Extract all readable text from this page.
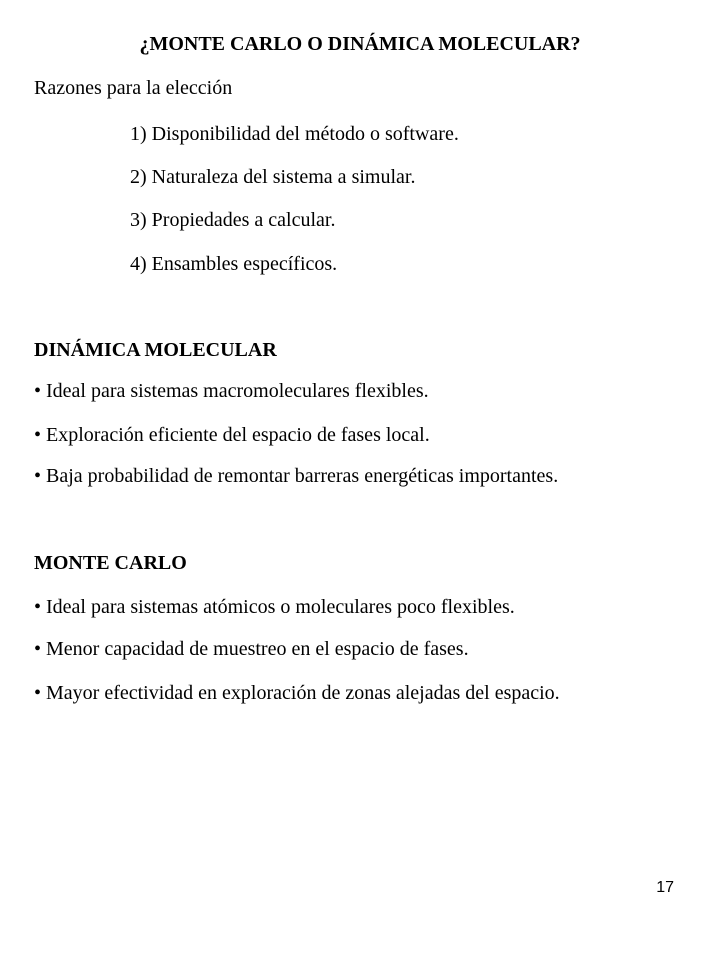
¿MONTE CARLO O DINÁMICA MOLECULAR?
Razones para la elección
1) Disponibilidad del método o software.
2) Naturaleza del sistema a simular.
3) Propiedades a calcular.
4) Ensambles específicos.
DINÁMICA MOLECULAR
• Ideal para sistemas macromoleculares flexibles.
• Exploración eficiente del espacio de fases local.
• Baja probabilidad de remontar barreras energéticas importantes.
MONTE CARLO
• Ideal para sistemas atómicos o moleculares poco flexibles.
• Menor capacidad de muestreo en el espacio de fases.
• Mayor efectividad en exploración de zonas alejadas del espacio.
17
